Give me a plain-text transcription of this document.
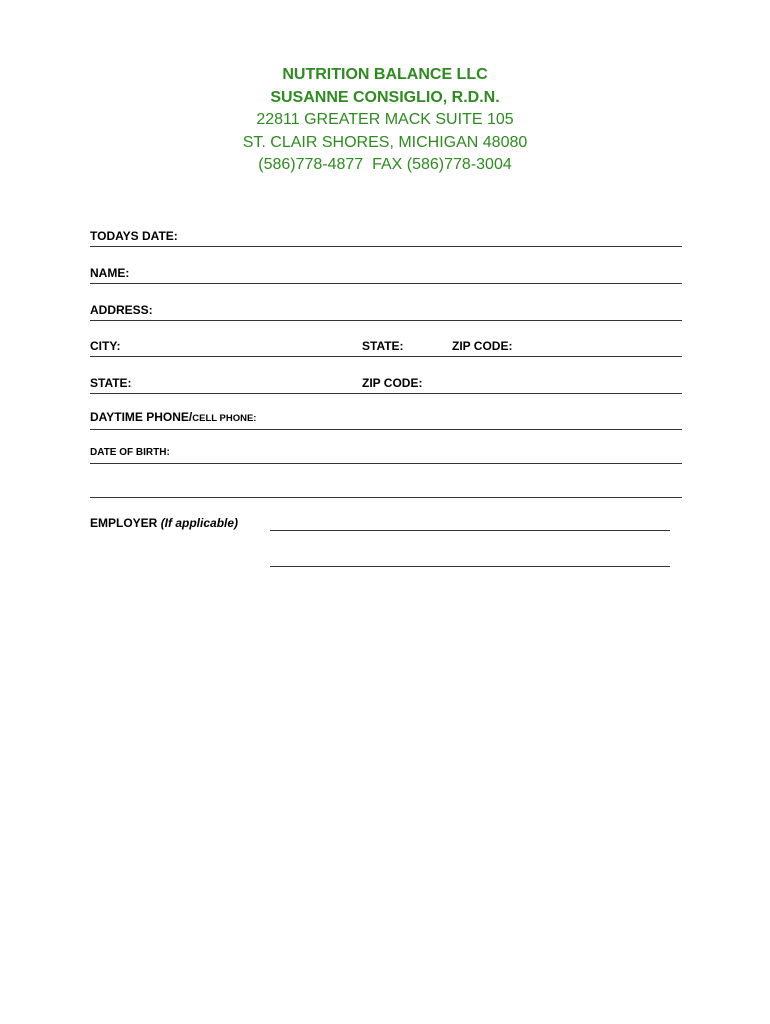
NUTRITION BALANCE LLC
SUSANNE CONSIGLIO, R.D.N.
22811 GREATER MACK SUITE 105
ST. CLAIR SHORES, MICHIGAN 48080
(586)778-4877  FAX (586)778-3004
TODAYS DATE:
NAME:
ADDRESS:
CITY:	STATE:	ZIP CODE:
STATE:	ZIP CODE:
DAYTIME PHONE/CELL PHONE:
DATE OF BIRTH:
EMPLOYER (If applicable)
